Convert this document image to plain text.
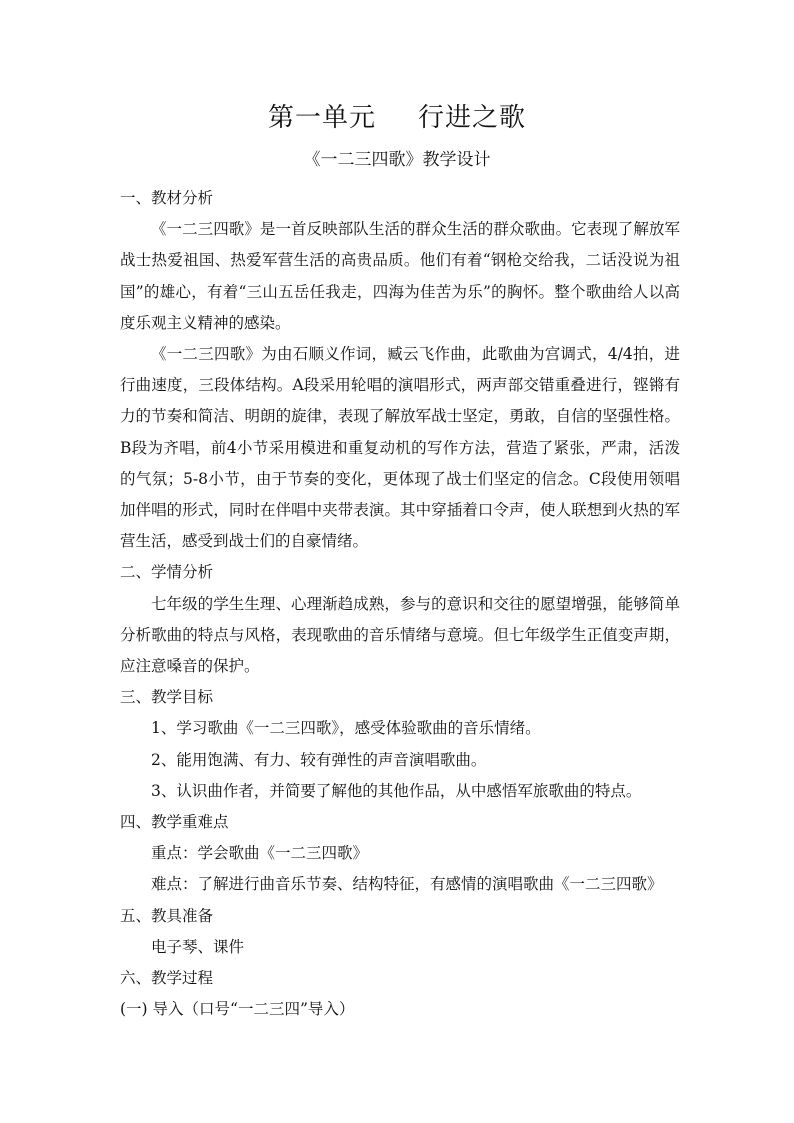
第一单元 行进之歌
《一二三四歌》教学设计

一、教材分析

《一二三四歌》是一首反映部队生活的群众生活的群众歌曲。它表现了解放军战士热爱祖国、热爱军营生活的高贵品质。他们有着“钢枪交给我，二话没说为祖国”的雄心，有着“三山五岳任我走，四海为佳苦为乐”的胸怀。整个歌曲给人以高度乐观主义精神的感染。

《一二三四歌》为由石顺义作词，臧云飞作曲，此歌曲为宫调式，4/4拍，进行曲速度，三段体结构。A段采用轮唱的演唱形式，两声部交错重叠进行，铿锵有力的节奏和简洁、明朗的旋律，表现了解放军战士坚定，勇敢，自信的坚强性格。B段为齐唱，前4小节采用模进和重复动机的写作方法，营造了紧张，严肃，活泼的气氛；5-8小节，由于节奏的变化，更体现了战士们坚定的信念。C段使用领唱加伴唱的形式，同时在伴唱中夹带表演。其中穿插着口令声，使人联想到火热的军营生活，感受到战士们的自豪情绪。

二、学情分析

七年级的学生生理、心理渐趋成熟，参与的意识和交往的愿望增强，能够简单分析歌曲的特点与风格，表现歌曲的音乐情绪与意境。但七年级学生正值变声期，应注意嗓音的保护。

三、教学目标

1、学习歌曲《一二三四歌》，感受体验歌曲的音乐情绪。

2、能用饱满、有力、较有弹性的声音演唱歌曲。

3、认识曲作者，并简要了解他的其他作品，从中感悟军旅歌曲的特点。

四、教学重难点

重点：学会歌曲《一二三四歌》

难点：了解进行曲音乐节奏、结构特征，有感情的演唱歌曲《一二三四歌》

五、教具准备

电子琴、课件

六、教学过程

(一) 导入（口号“一二三四”导入）
